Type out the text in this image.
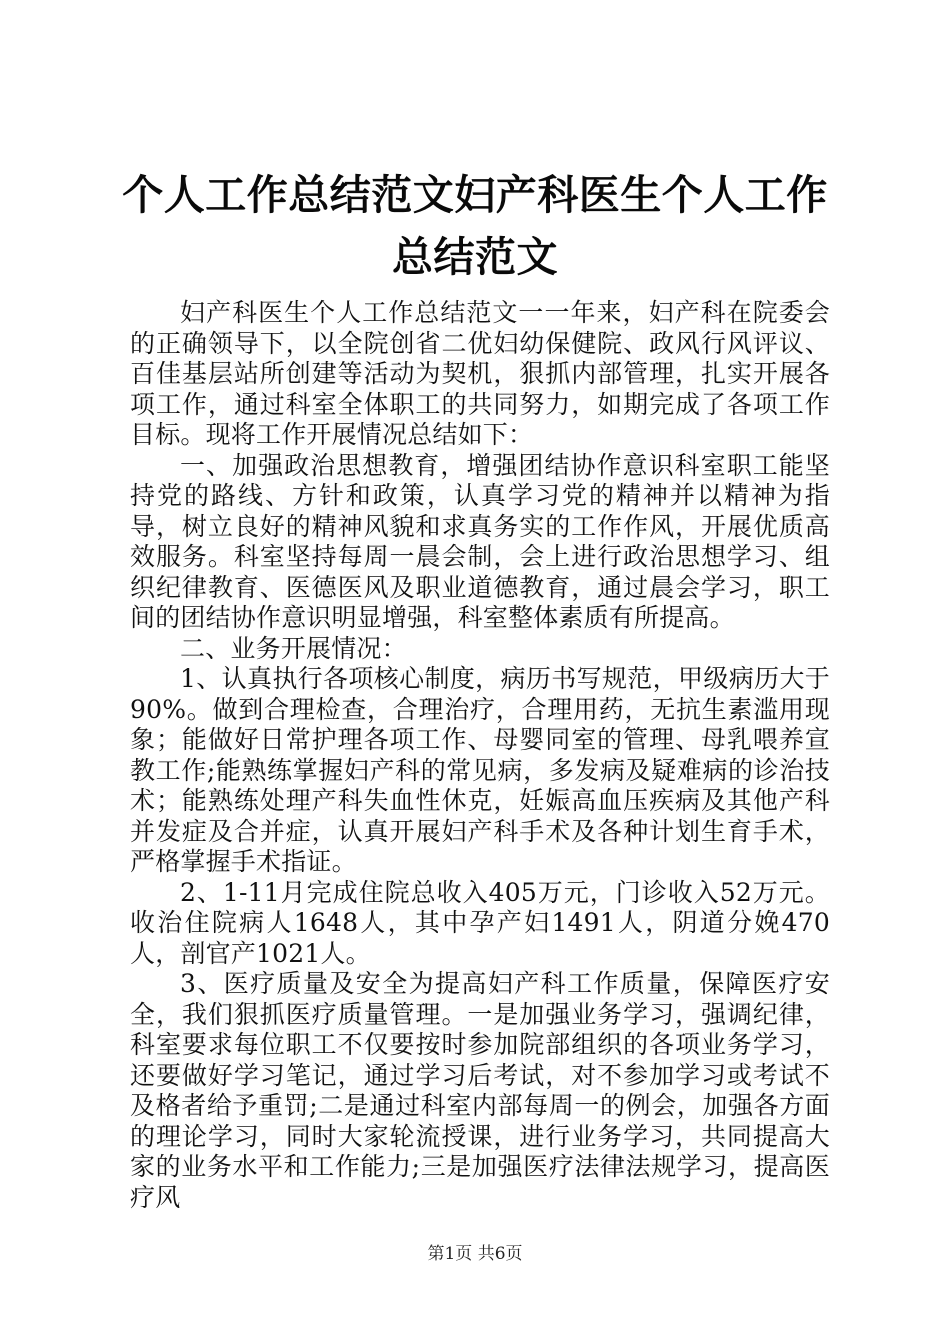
个人工作总结范文妇产科医生个人工作总结范文

妇产科医生个人工作总结范文一一年来，妇产科在院委会的正确领导下，以全院创省二优妇幼保健院、政风行风评议、百佳基层站所创建等活动为契机，狠抓内部管理，扎实开展各项工作，通过科室全体职工的共同努力，如期完成了各项工作目标。现将工作开展情况总结如下：

一、加强政治思想教育，增强团结协作意识科室职工能坚持党的路线、方针和政策，认真学习党的精神并以精神为指导，树立良好的精神风貌和求真务实的工作作风，开展优质高效服务。科室坚持每周一晨会制，会上进行政治思想学习、组织纪律教育、医德医风及职业道德教育，通过晨会学习，职工间的团结协作意识明显增强，科室整体素质有所提高。

二、业务开展情况：

1、认真执行各项核心制度，病历书写规范，甲级病历大于90%。做到合理检查，合理治疗，合理用药，无抗生素滥用现象；能做好日常护理各项工作、母婴同室的管理、母乳喂养宣教工作;能熟练掌握妇产科的常见病，多发病及疑难病的诊治技术；能熟练处理产科失血性休克，妊娠高血压疾病及其他产科并发症及合并症，认真开展妇产科手术及各种计划生育手术，严格掌握手术指证。

2、1-11月完成住院总收入405万元，门诊收入52万元。收治住院病人1648人，其中孕产妇1491人，阴道分娩470人，剖官产1021人。

3、医疗质量及安全为提高妇产科工作质量，保障医疗安全，我们狠抓医疗质量管理。一是加强业务学习，强调纪律，科室要求每位职工不仅要按时参加院部组织的各项业务学习，还要做好学习笔记，通过学习后考试，对不参加学习或考试不及格者给予重罚;二是通过科室内部每周一的例会，加强各方面的理论学习，同时大家轮流授课，进行业务学习，共同提高大家的业务水平和工作能力;三是加强医疗法律法规学习，提高医疗风

第1页 共6页
